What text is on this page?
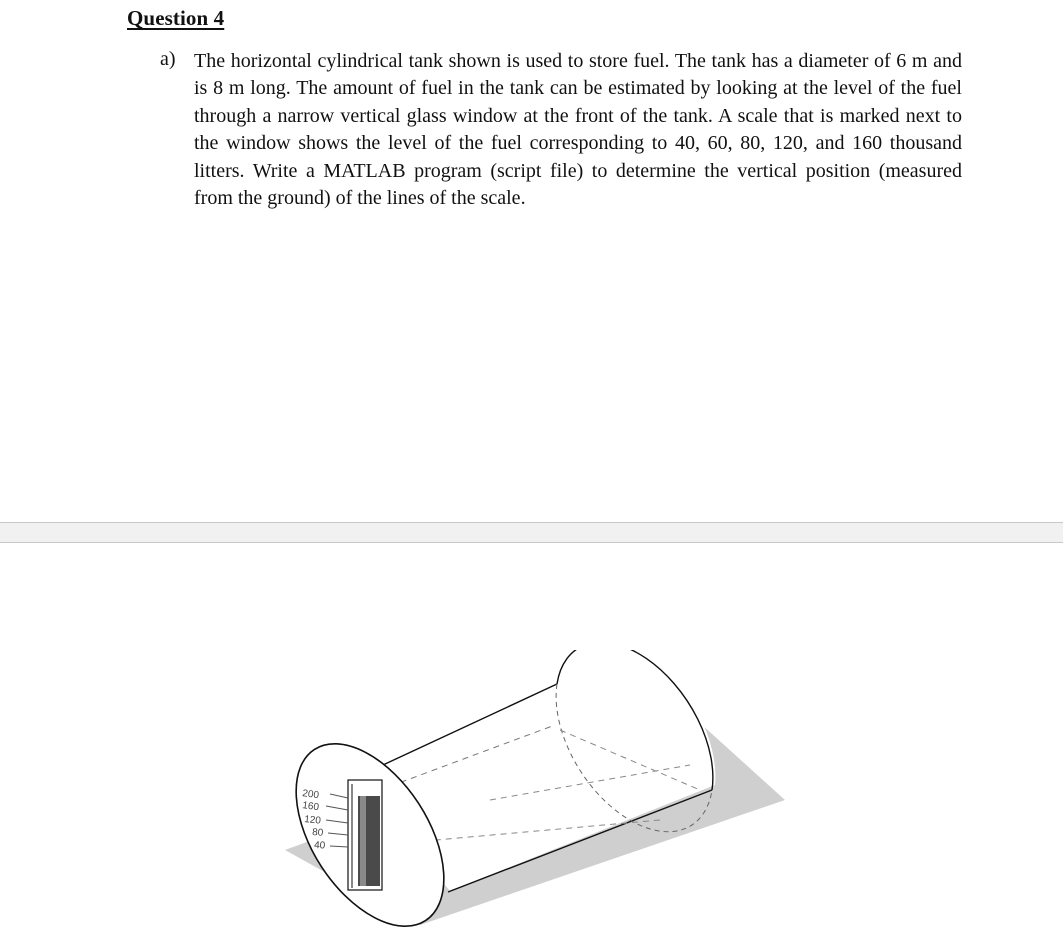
Question 4
a) The horizontal cylindrical tank shown is used to store fuel. The tank has a diameter of 6 m and is 8 m long. The amount of fuel in the tank can be estimated by looking at the level of the fuel through a narrow vertical glass window at the front of the tank. A scale that is marked next to the window shows the level of the fuel corresponding to 40, 60, 80, 120, and 160 thousand litters. Write a MATLAB program (script file) to determine the vertical position (measured from the ground) of the lines of the scale.
200
160
120
80
40
